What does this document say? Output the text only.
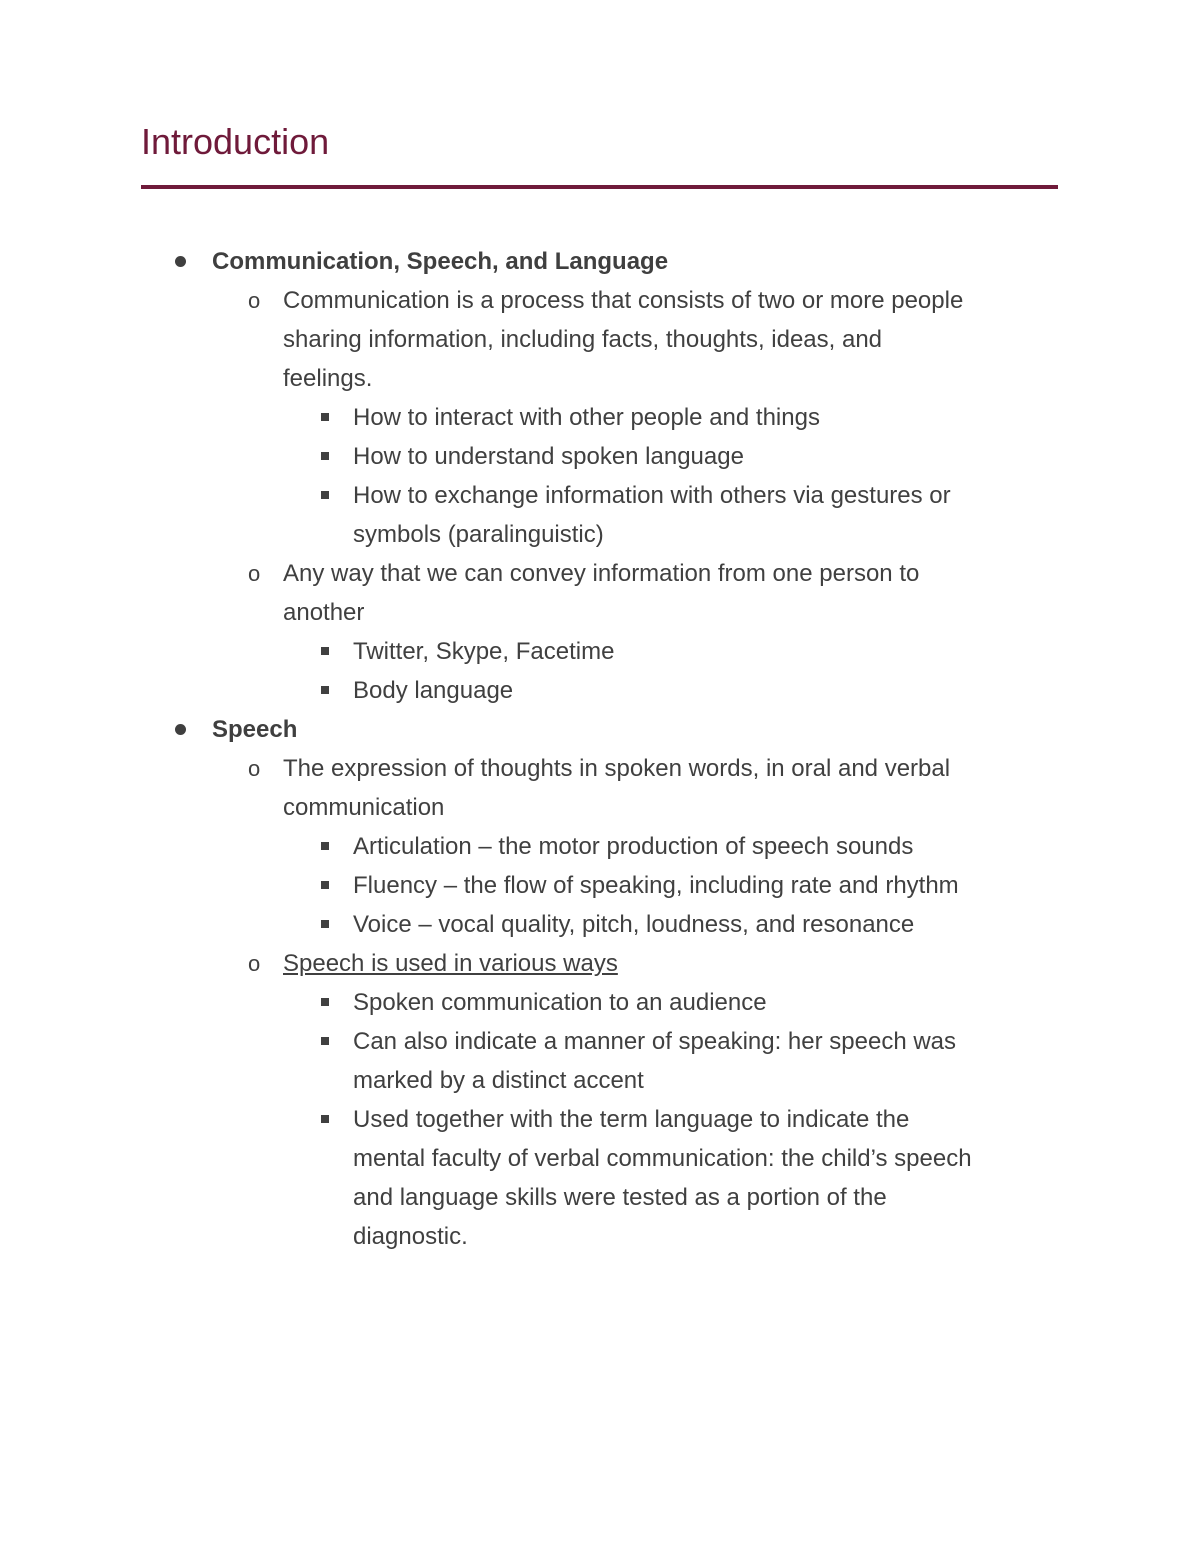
Introduction
Communication, Speech, and Language
o Communication is a process that consists of two or more people
sharing information, including facts, thoughts, ideas, and
feelings.
How to interact with other people and things
How to understand spoken language
How to exchange information with others via gestures or
symbols (paralinguistic)
o Any way that we can convey information from one person to
another
Twitter, Skype, Facetime
Body language
Speech
o The expression of thoughts in spoken words, in oral and verbal
communication
Articulation – the motor production of speech sounds
Fluency – the flow of speaking, including rate and rhythm
Voice – vocal quality, pitch, loudness, and resonance
o Speech is used in various ways
Spoken communication to an audience
Can also indicate a manner of speaking: her speech was
marked by a distinct accent
Used together with the term language to indicate the
mental faculty of verbal communication: the child’s speech
and language skills were tested as a portion of the
diagnostic.
